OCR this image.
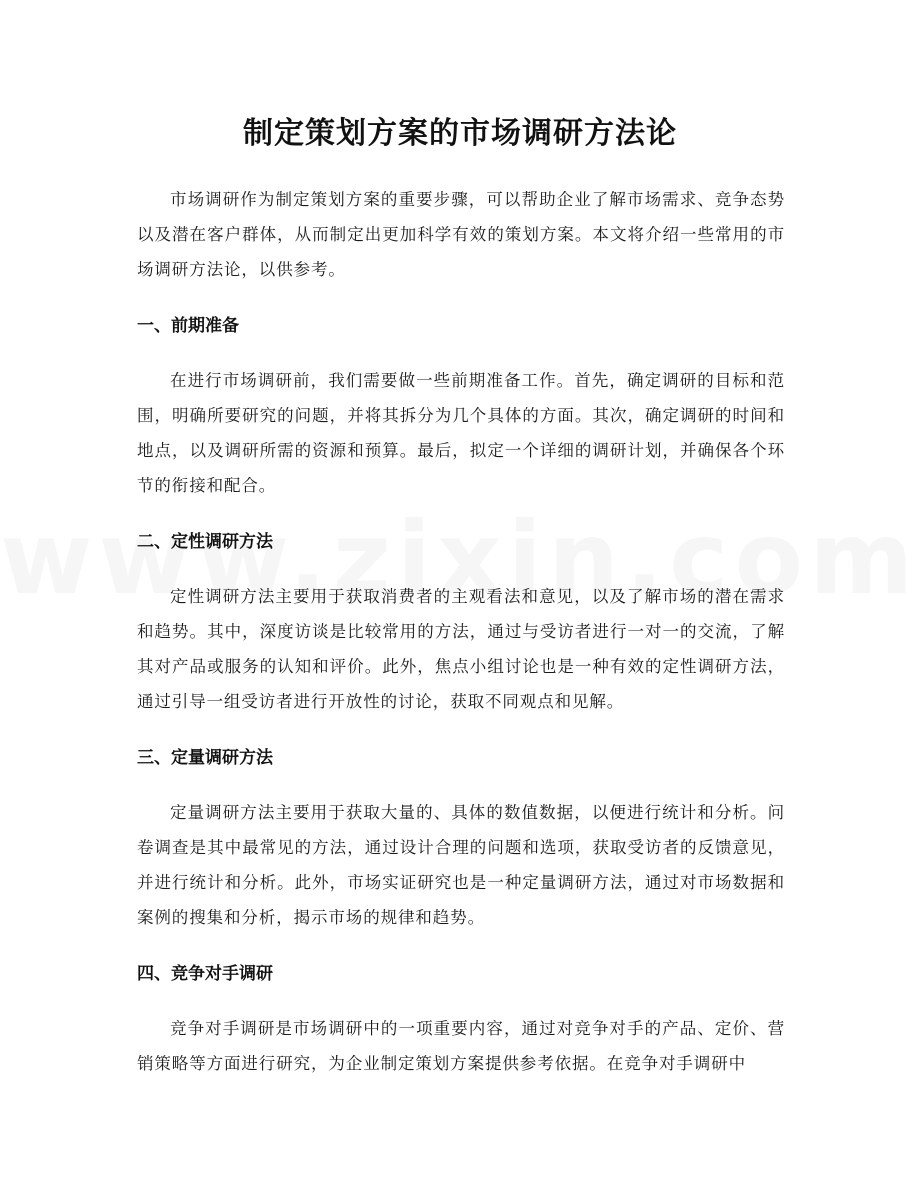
制定策划方案的市场调研方法论

市场调研作为制定策划方案的重要步骤，可以帮助企业了解市场需求、竞争态势以及潜在客户群体，从而制定出更加科学有效的策划方案。本文将介绍一些常用的市场调研方法论，以供参考。

一、前期准备

在进行市场调研前，我们需要做一些前期准备工作。首先，确定调研的目标和范围，明确所要研究的问题，并将其拆分为几个具体的方面。其次，确定调研的时间和地点，以及调研所需的资源和预算。最后，拟定一个详细的调研计划，并确保各个环节的衔接和配合。

二、定性调研方法

定性调研方法主要用于获取消费者的主观看法和意见，以及了解市场的潜在需求和趋势。其中，深度访谈是比较常用的方法，通过与受访者进行一对一的交流，了解其对产品或服务的认知和评价。此外，焦点小组讨论也是一种有效的定性调研方法，通过引导一组受访者进行开放性的讨论，获取不同观点和见解。

三、定量调研方法

定量调研方法主要用于获取大量的、具体的数值数据，以便进行统计和分析。问卷调查是其中最常见的方法，通过设计合理的问题和选项，获取受访者的反馈意见，并进行统计和分析。此外，市场实证研究也是一种定量调研方法，通过对市场数据和案例的搜集和分析，揭示市场的规律和趋势。

四、竞争对手调研

竞争对手调研是市场调研中的一项重要内容，通过对竞争对手的产品、定价、营销策略等方面进行研究，为企业制定策划方案提供参考依据。在竞争对手调研中
